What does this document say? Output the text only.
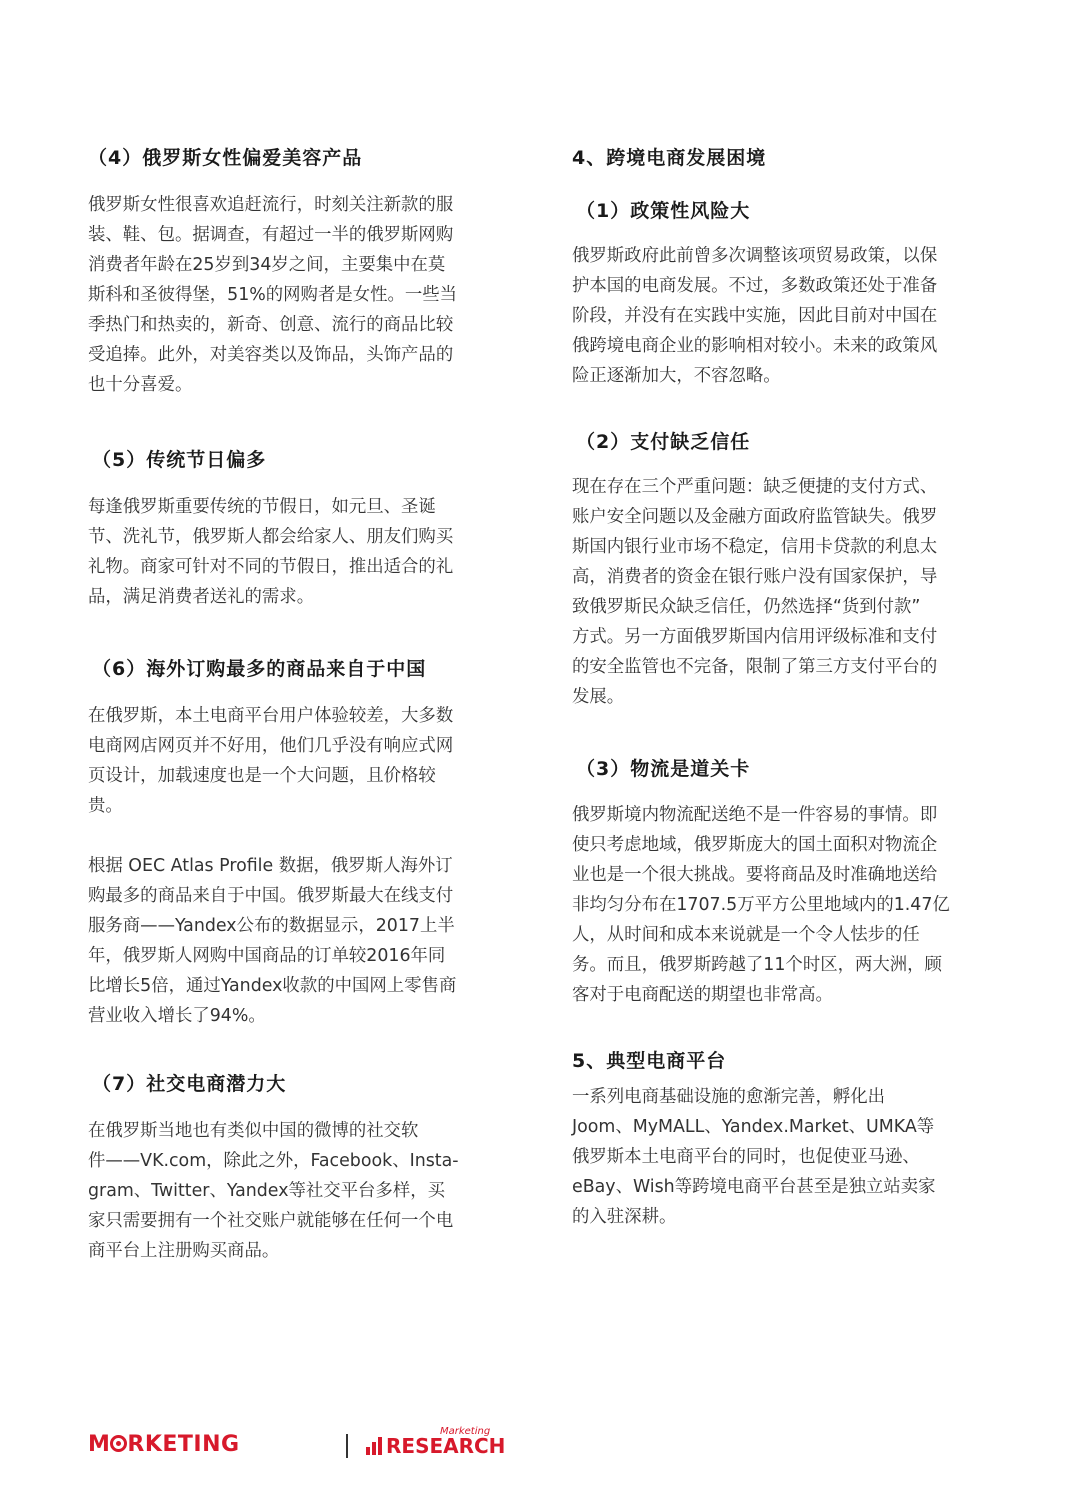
（4）俄罗斯女性偏爱美容产品
俄罗斯女性很喜欢追赶流行，时刻关注新款的服
装、鞋、包。据调查，有超过一半的俄罗斯网购
消费者年龄在25岁到34岁之间，主要集中在莫
斯科和圣彼得堡，51%的网购者是女性。一些当
季热门和热卖的，新奇、创意、流行的商品比较
受追捧。此外，对美容类以及饰品，头饰产品的
也十分喜爱。
（5）传统节日偏多
每逢俄罗斯重要传统的节假日，如元旦、圣诞
节、洗礼节，俄罗斯人都会给家人、朋友们购买
礼物。商家可针对不同的节假日，推出适合的礼
品，满足消费者送礼的需求。
（6）海外订购最多的商品来自于中国
在俄罗斯，本土电商平台用户体验较差，大多数
电商网店网页并不好用，他们几乎没有响应式网
页设计，加载速度也是一个大问题，且价格较
贵。
根据 OEC Atlas Profile 数据，俄罗斯人海外订
购最多的商品来自于中国。俄罗斯最大在线支付
服务商——Yandex公布的数据显示，2017上半
年，俄罗斯人网购中国商品的订单较2016年同
比增长5倍，通过Yandex收款的中国网上零售商
营业收入增长了94%。
（7）社交电商潜力大
在俄罗斯当地也有类似中国的微博的社交软
件——VK.com，除此之外，Facebook、Insta-
gram、Twitter、Yandex等社交平台多样，买
家只需要拥有一个社交账户就能够在任何一个电
商平台上注册购买商品。
4、跨境电商发展困境
（1）政策性风险大
俄罗斯政府此前曾多次调整该项贸易政策，以保
护本国的电商发展。不过，多数政策还处于准备
阶段，并没有在实践中实施，因此目前对中国在
俄跨境电商企业的影响相对较小。未来的政策风
险正逐渐加大，不容忽略。
（2）支付缺乏信任
现在存在三个严重问题：缺乏便捷的支付方式、
账户安全问题以及金融方面政府监管缺失。俄罗
斯国内银行业市场不稳定，信用卡贷款的利息太
高，消费者的资金在银行账户没有国家保护，导
致俄罗斯民众缺乏信任，仍然选择“货到付款”
方式。另一方面俄罗斯国内信用评级标准和支付
的安全监管也不完备，限制了第三方支付平台的
发展。
（3）物流是道关卡
俄罗斯境内物流配送绝不是一件容易的事情。即
使只考虑地域，俄罗斯庞大的国土面积对物流企
业也是一个很大挑战。要将商品及时准确地送给
非均匀分布在1707.5万平方公里地域内的1.47亿
人，从时间和成本来说就是一个令人怯步的任
务。而且，俄罗斯跨越了11个时区，两大洲，顾
客对于电商配送的期望也非常高。
5、典型电商平台
一系列电商基础设施的愈渐完善，孵化出
Joom、MyMALL、Yandex.Market、UMKA等
俄罗斯本土电商平台的同时，也促使亚马逊、
eBay、Wish等跨境电商平台甚至是独立站卖家
的入驻深耕。
M RKETING	RESEARCH
Marketing
